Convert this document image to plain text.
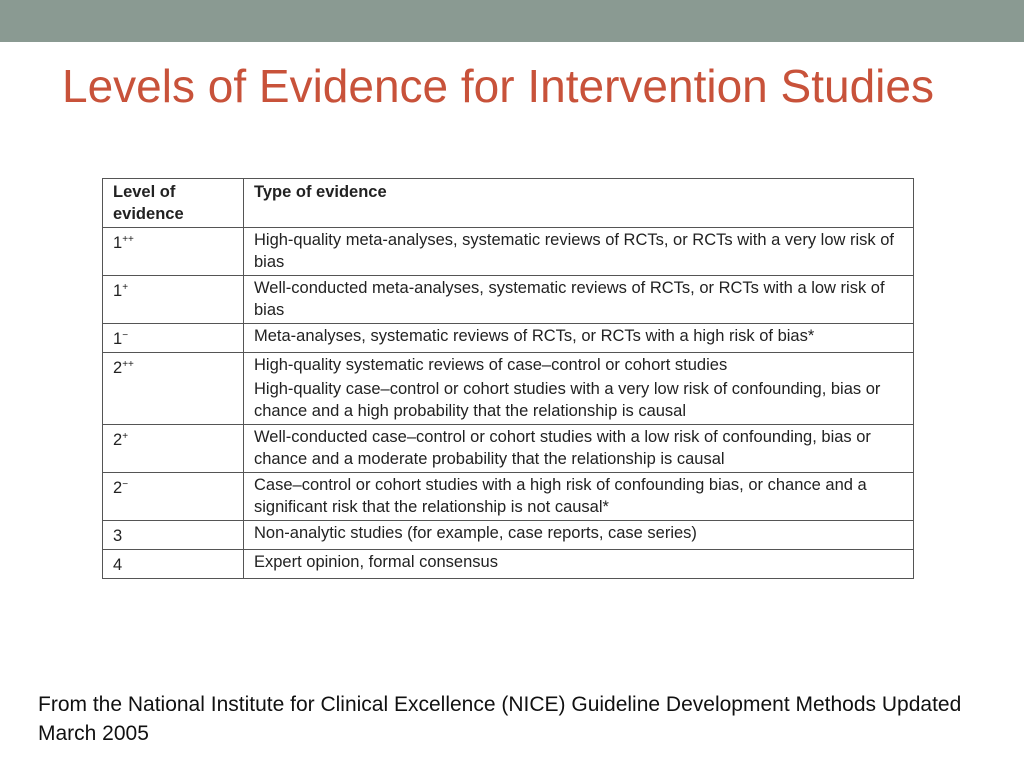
Levels of Evidence for Intervention Studies
Level of evidence	Type of evidence
1++	High-quality meta-analyses, systematic reviews of RCTs, or RCTs with a very low risk of bias

1+	Well-conducted meta-analyses, systematic reviews of RCTs, or RCTs with a low risk of bias

1−	Meta-analyses, systematic reviews of RCTs, or RCTs with a high risk of bias*

2++	High-quality systematic reviews of case–control or cohort studies
High-quality case–control or cohort studies with a very low risk of confounding, bias or chance and a high probability that the relationship is causal

2+	Well-conducted case–control or cohort studies with a low risk of confounding, bias or chance and a moderate probability that the relationship is causal

2−	Case–control or cohort studies with a high risk of confounding bias, or chance and a significant risk that the relationship is not causal*

3	Non-analytic studies (for example, case reports, case series)

4	Expert opinion, formal consensus
From the National Institute for Clinical Excellence (NICE) Guideline Development Methods Updated March 2005
